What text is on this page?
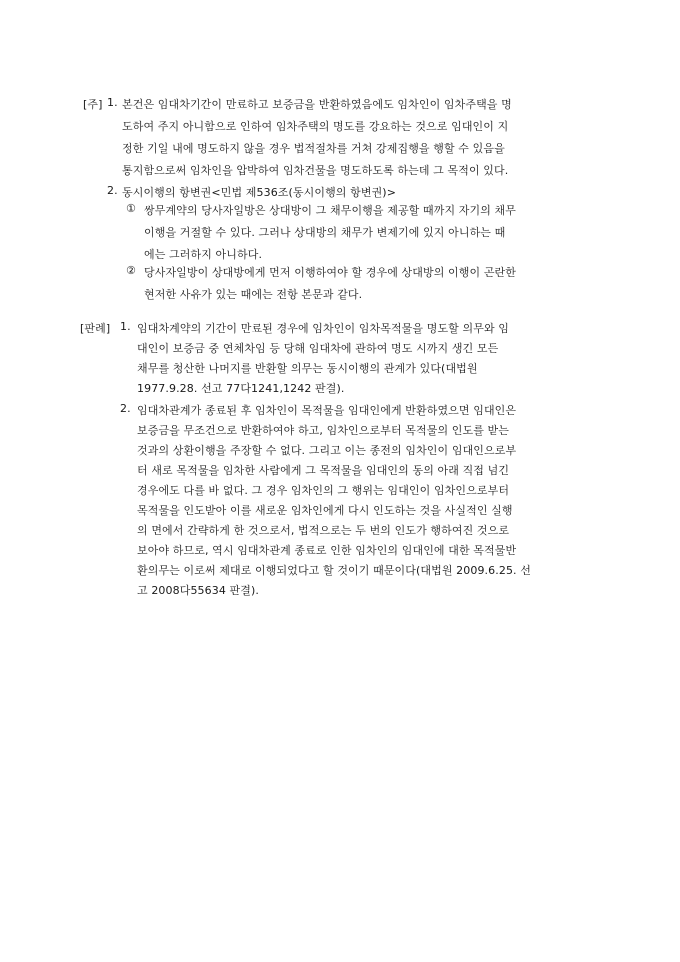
[주] 1. 본건은 임대차기간이 만료하고 보증금을 반환하였음에도 임차인이 임차주택을 명
도하여 주지 아니함으로 인하여 임차주택의 명도를 강요하는 것으로 임대인이 지
정한 기일 내에 명도하지 않을 경우 법적절차를 거쳐 강제집행을 행할 수 있음을
통지함으로써 임차인을 압박하여 임차건물을 명도하도록 하는데 그 목적이 있다.
2. 동시이행의 항변권<민법 제536조(동시이행의 항변권)>
① 쌍무계약의 당사자일방은 상대방이 그 채무이행을 제공할 때까지 자기의 채무
이행을 거절할 수 있다. 그러나 상대방의 채무가 변제기에 있지 아니하는 때
에는 그러하지 아니하다.
② 당사자일방이 상대방에게 먼저 이행하여야 할 경우에 상대방의 이행이 곤란한
현저한 사유가 있는 때에는 전항 본문과 같다.
[판례] 1. 임대차계약의 기간이 만료된 경우에 임차인이 임차목적물을 명도할 의무와 임
대인이 보증금 중 연체차임 등 당해 임대차에 관하여 명도 시까지 생긴 모든
채무를 청산한 나머지를 반환할 의무는 동시이행의 관계가 있다(대법원
1977.9.28. 선고 77다1241,1242 판결).
2. 임대차관계가 종료된 후 임차인이 목적물을 임대인에게 반환하였으면 임대인은
보증금을 무조건으로 반환하여야 하고, 임차인으로부터 목적물의 인도를 받는
것과의 상환이행을 주장할 수 없다. 그리고 이는 종전의 임차인이 임대인으로부
터 새로 목적물을 임차한 사람에게 그 목적물을 임대인의 동의 아래 직접 넘긴
경우에도 다를 바 없다. 그 경우 임차인의 그 행위는 임대인이 임차인으로부터
목적물을 인도받아 이를 새로운 임차인에게 다시 인도하는 것을 사실적인 실행
의 면에서 간략하게 한 것으로서, 법적으로는 두 번의 인도가 행하여진 것으로
보아야 하므로, 역시 임대차관계 종료로 인한 임차인의 임대인에 대한 목적물반
환의무는 이로써 제대로 이행되었다고 할 것이기 때문이다(대법원 2009.6.25. 선
고 2008다55634 판결).
